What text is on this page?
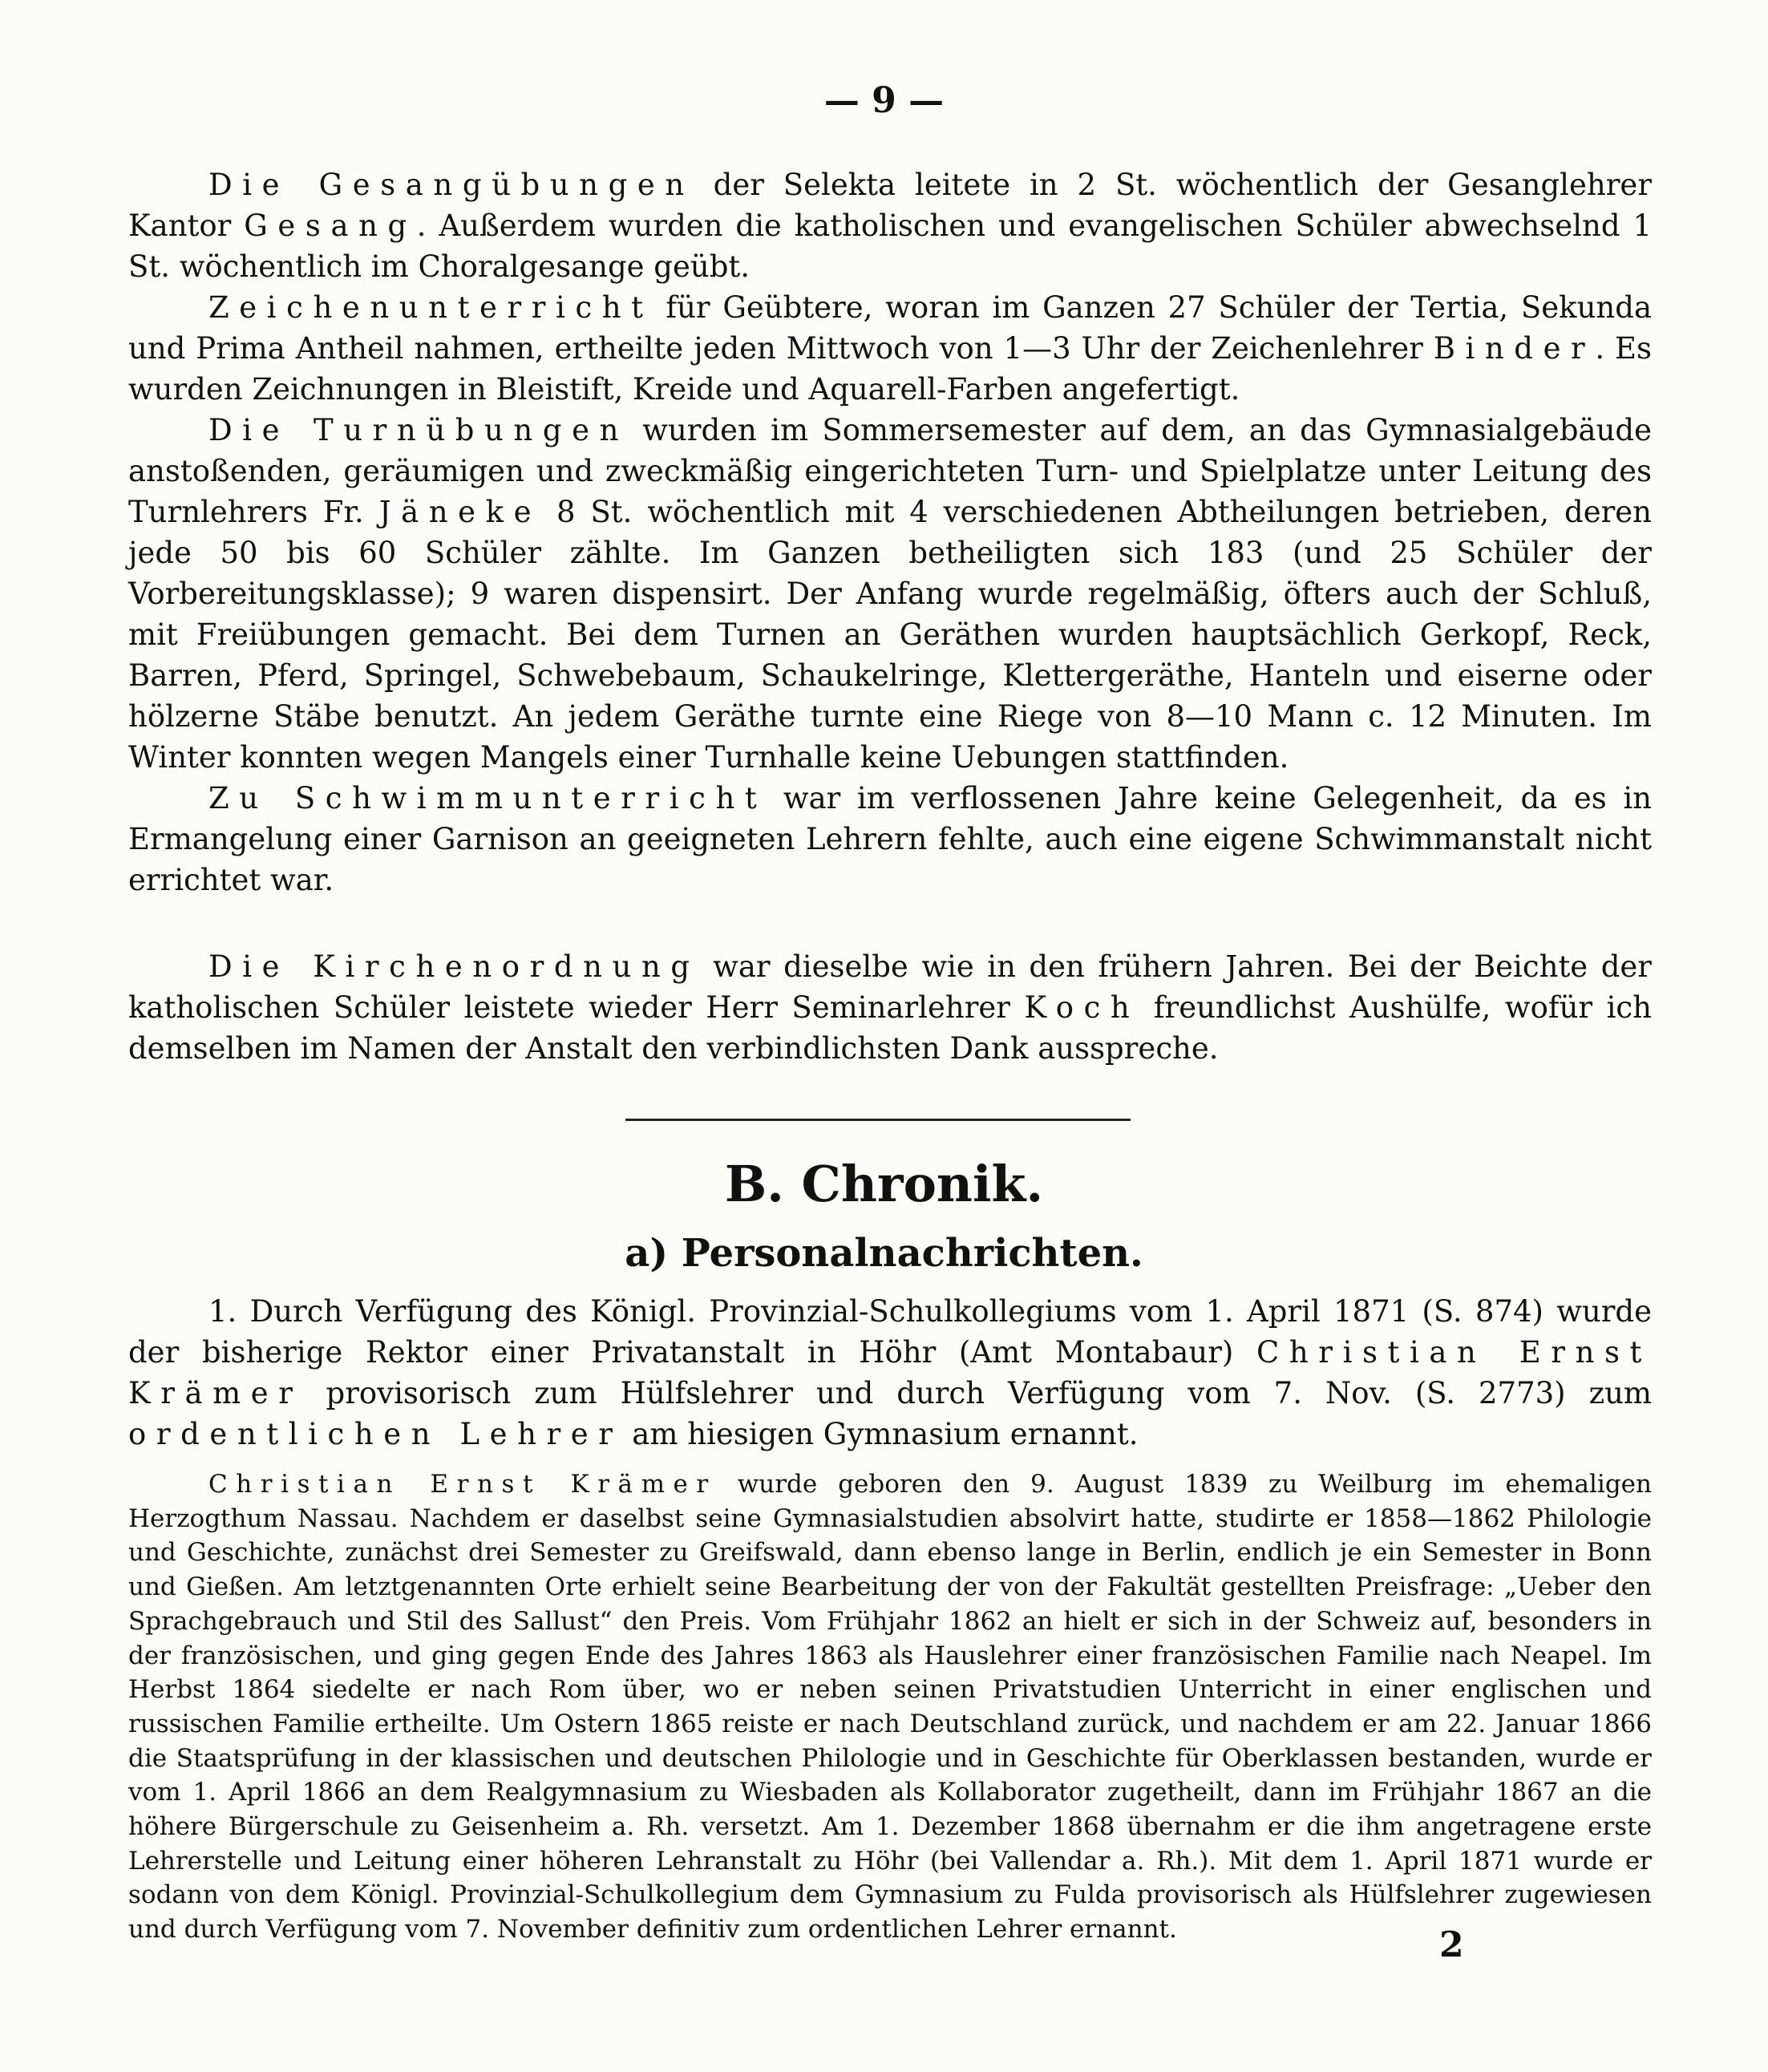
— 9 —

Die Gesangübungen der Selekta leitete in 2 St. wöchentlich der Gesanglehrer Kantor Gesang. Außerdem wurden die katholischen und evangelischen Schüler abwechselnd 1 St. wöchentlich im Choralgesange geübt.

Zeichenunterricht für Geübtere, woran im Ganzen 27 Schüler der Tertia, Sekunda und Prima Antheil nahmen, ertheilte jeden Mittwoch von 1—3 Uhr der Zeichenlehrer Binder. Es wurden Zeichnungen in Bleistift, Kreide und Aquarell-Farben angefertigt.

Die Turnübungen wurden im Sommersemester auf dem, an das Gymnasialgebäude anstoßenden, geräumigen und zweckmäßig eingerichteten Turn- und Spielplatze unter Leitung des Turnlehrers Fr. Jäneke 8 St. wöchentlich mit 4 verschiedenen Abtheilungen betrieben, deren jede 50 bis 60 Schüler zählte. Im Ganzen betheiligten sich 183 (und 25 Schüler der Vorbereitungsklasse); 9 waren dispensirt. Der Anfang wurde regelmäßig, öfters auch der Schluß, mit Freiübungen gemacht. Bei dem Turnen an Geräthen wurden hauptsächlich Gerkopf, Reck, Barren, Pferd, Springel, Schwebebaum, Schaukelringe, Klettergeräthe, Hanteln und eiserne oder hölzerne Stäbe benutzt. An jedem Geräthe turnte eine Riege von 8—10 Mann c. 12 Minuten. Im Winter konnten wegen Mangels einer Turnhalle keine Uebungen stattfinden.

Zu Schwimmunterricht war im verflossenen Jahre keine Gelegenheit, da es in Ermangelung einer Garnison an geeigneten Lehrern fehlte, auch eine eigene Schwimmanstalt nicht errichtet war.

Die Kirchenordnung war dieselbe wie in den frühern Jahren. Bei der Beichte der katholischen Schüler leistete wieder Herr Seminarlehrer Koch freundlichst Aushülfe, wofür ich demselben im Namen der Anstalt den verbindlichsten Dank ausspreche.

B. Chronik.
a) Personalnachrichten.

1. Durch Verfügung des Königl. Provinzial-Schulkollegiums vom 1. April 1871 (S. 874) wurde der bisherige Rektor einer Privatanstalt in Höhr (Amt Montabaur) Christian Ernst Krämer provisorisch zum Hülfslehrer und durch Verfügung vom 7. Nov. (S. 2773) zum ordentlichen Lehrer am hiesigen Gymnasium ernannt.

Christian Ernst Krämer wurde geboren den 9. August 1839 zu Weilburg im ehemaligen Herzogthum Nassau. Nachdem er daselbst seine Gymnasialstudien absolvirt hatte, studirte er 1858—1862 Philologie und Geschichte, zunächst drei Semester zu Greifswald, dann ebenso lange in Berlin, endlich je ein Semester in Bonn und Gießen. Am letztgenannten Orte erhielt seine Bearbeitung der von der Fakultät gestellten Preisfrage: „Ueber den Sprachgebrauch und Stil des Sallust“ den Preis. Vom Frühjahr 1862 an hielt er sich in der Schweiz auf, besonders in der französischen, und ging gegen Ende des Jahres 1863 als Hauslehrer einer französischen Familie nach Neapel. Im Herbst 1864 siedelte er nach Rom über, wo er neben seinen Privatstudien Unterricht in einer englischen und russischen Familie ertheilte. Um Ostern 1865 reiste er nach Deutschland zurück, und nachdem er am 22. Januar 1866 die Staatsprüfung in der klassischen und deutschen Philologie und in Geschichte für Oberklassen bestanden, wurde er vom 1. April 1866 an dem Realgymnasium zu Wiesbaden als Kollaborator zugetheilt, dann im Frühjahr 1867 an die höhere Bürgerschule zu Geisenheim a. Rh. versetzt. Am 1. Dezember 1868 übernahm er die ihm angetragene erste Lehrerstelle und Leitung einer höheren Lehranstalt zu Höhr (bei Vallendar a. Rh.). Mit dem 1. April 1871 wurde er sodann von dem Königl. Provinzial-Schulkollegium dem Gymnasium zu Fulda provisorisch als Hülfslehrer zugewiesen und durch Verfügung vom 7. November definitiv zum ordentlichen Lehrer ernannt.	2
